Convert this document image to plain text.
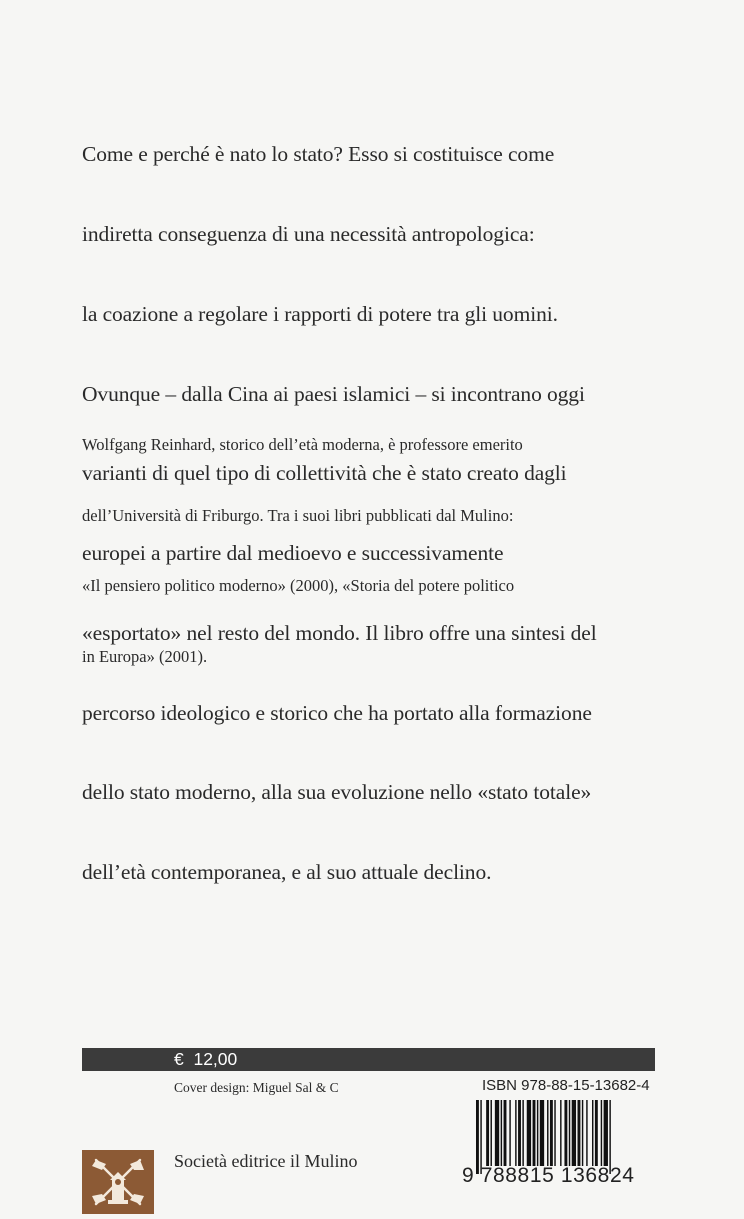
Come e perché è nato lo stato? Esso si costituisce come

indiretta conseguenza di una necessità antropologica:

la coazione a regolare i rapporti di potere tra gli uomini.

Ovunque – dalla Cina ai paesi islamici – si incontrano oggi

varianti di quel tipo di collettività che è stato creato dagli

europei a partire dal medioevo e successivamente

«esportato» nel resto del mondo. Il libro offre una sintesi del

percorso ideologico e storico che ha portato alla formazione

dello stato moderno, alla sua evoluzione nello «stato totale»

dell’età contemporanea, e al suo attuale declino.

Wolfgang Reinhard, storico dell’età moderna, è professore emerito

dell’Università di Friburgo. Tra i suoi libri pubblicati dal Mulino:

«Il pensiero politico moderno» (2000), «Storia del potere politico

in Europa» (2001).

€  12,00
Cover design: Miguel Sal & C	ISBN 978-88-15-13682-4
9 788815 136824
Società editrice il Mulino
